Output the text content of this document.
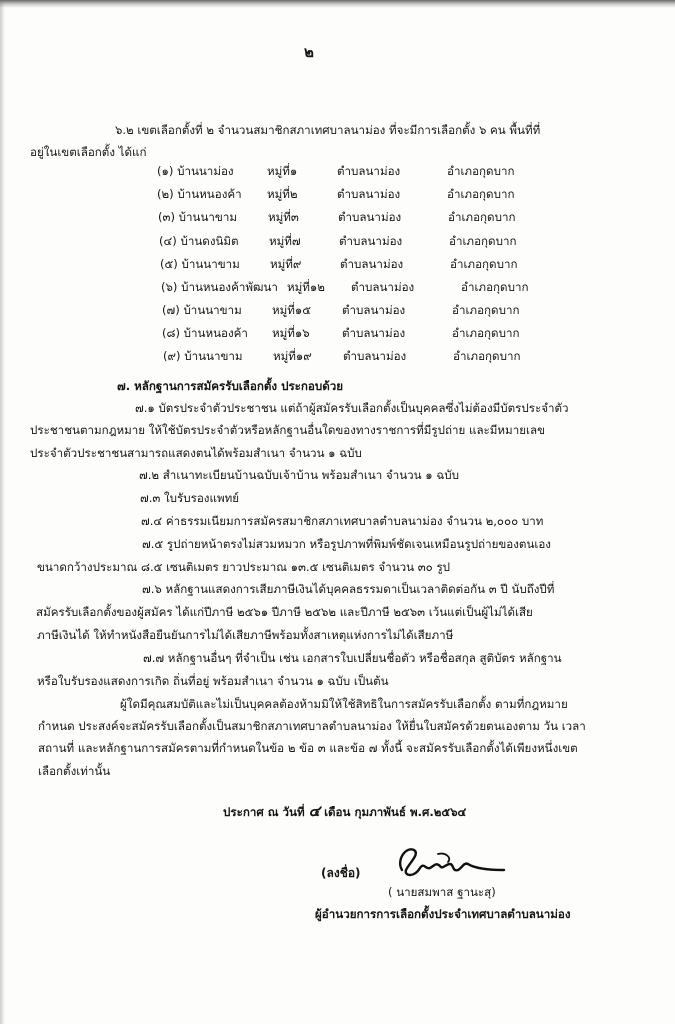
๒
๖.๒ เขตเลือกตั้งที่ ๒ จำนวนสมาชิกสภาเทศบาลนาม่อง ที่จะมีการเลือกตั้ง ๖ คน พื้นที่ที่
อยู่ในเขตเลือกตั้ง ได้แก่
(๑) บ้านนาม่อง	หมู่ที่๑	ตำบลนาม่อง	อำเภอกุดบาก
(๒) บ้านหนองค้า หมู่ที่๒	ตำบลนาม่อง	อำเภอกุดบาก
(๓) บ้านนาขาม	หมู่ที่๓	ตำบลนาม่อง	อำเภอกุดบาก
(๔) บ้านดงนิมิต	หมู่ที่๗	ตำบลนาม่อง	อำเภอกุดบาก
(๕) บ้านนาขาม	หมู่ที่๙	ตำบลนาม่อง	อำเภอกุดบาก
(๖) บ้านหนองค้าพัฒนา หมู่ที่๑๒ ตำบลนาม่อง	อำเภอกุดบาก
(๗) บ้านนาขาม	หมู่ที่๑๕	ตำบลนาม่อง	อำเภอกุดบาก
(๘) บ้านหนองค้า หมู่ที่๑๖	ตำบลนาม่อง	อำเภอกุดบาก
(๙) บ้านนาขาม	หมู่ที่๑๙	ตำบลนาม่อง	อำเภอกุดบาก
๗. หลักฐานการสมัครรับเลือกตั้ง ประกอบด้วย
๗.๑ บัตรประจำตัวประชาชน แต่ถ้าผู้สมัครรับเลือกตั้งเป็นบุคคลซึ่งไม่ต้องมีบัตรประจำตัว
ประชาชนตามกฎหมาย ให้ใช้บัตรประจำตัวหรือหลักฐานอื่นใดของทางราชการที่มีรูปถ่าย และมีหมายเลข
ประจำตัวประชาชนสามารถแสดงตนได้พร้อมสำเนา จำนวน ๑ ฉบับ
๗.๒ สำเนาทะเบียนบ้านฉบับเจ้าบ้าน พร้อมสำเนา จำนวน ๑ ฉบับ
๗.๓ ใบรับรองแพทย์
๗.๔ ค่าธรรมเนียมการสมัครสมาชิกสภาเทศบาลตำบลนาม่อง จำนวน ๒,๐๐๐ บาท
๗.๕ รูปถ่ายหน้าตรงไม่สวมหมวก หรือรูปภาพที่พิมพ์ชัดเจนเหมือนรูปถ่ายของตนเอง
ขนาดกว้างประมาณ ๘.๕ เซนติเมตร ยาวประมาณ ๑๓.๕ เซนติเมตร จำนวน ๓๐ รูป
๗.๖ หลักฐานแสดงการเสียภาษีเงินได้บุคคลธรรมดาเป็นเวลาติดต่อกัน ๓ ปี นับถึงปีที่
สมัครรับเลือกตั้งของผู้สมัคร ได้แก่ปีภาษี ๒๕๖๑ ปีภาษี ๒๕๖๒ และปีภาษี ๒๕๖๓ เว้นแต่เป็นผู้ไม่ได้เสีย
ภาษีเงินได้ ให้ทำหนังสือยืนยันการไม่ได้เสียภาษีพร้อมทั้งสาเหตุแห่งการไม่ได้เสียภาษี
๗.๗ หลักฐานอื่นๆ ที่จำเป็น เช่น เอกสารใบเปลี่ยนชื่อตัว หรือชื่อสกุล สูติบัตร หลักฐาน
หรือใบรับรองแสดงการเกิด ถิ่นที่อยู่ พร้อมสำเนา จำนวน ๑ ฉบับ เป็นต้น
ผู้ใดมีคุณสมบัติและไม่เป็นบุคคลต้องห้ามมิให้ใช้สิทธิในการสมัครรับเลือกตั้ง ตามที่กฎหมาย
กำหนด ประสงค์จะสมัครรับเลือกตั้งเป็นสมาชิกสภาเทศบาลตำบลนาม่อง ให้ยื่นใบสมัครด้วยตนเองตาม วัน เวลา
สถานที่ และหลักฐานการสมัครตามที่กำหนดในข้อ ๒ ข้อ ๓ และข้อ ๗ ทั้งนี้ จะสมัครรับเลือกตั้งได้เพียงหนึ่งเขต
เลือกตั้งเท่านั้น
ประกาศ ณ วันที่ ๔ เดือน กุมภาพันธ์ พ.ศ.๒๕๖๔
(ลงชื่อ)
( นายสมพาส ฐานะสุ)
ผู้อำนวยการการเลือกตั้งประจำเทศบาลตำบลนาม่อง
